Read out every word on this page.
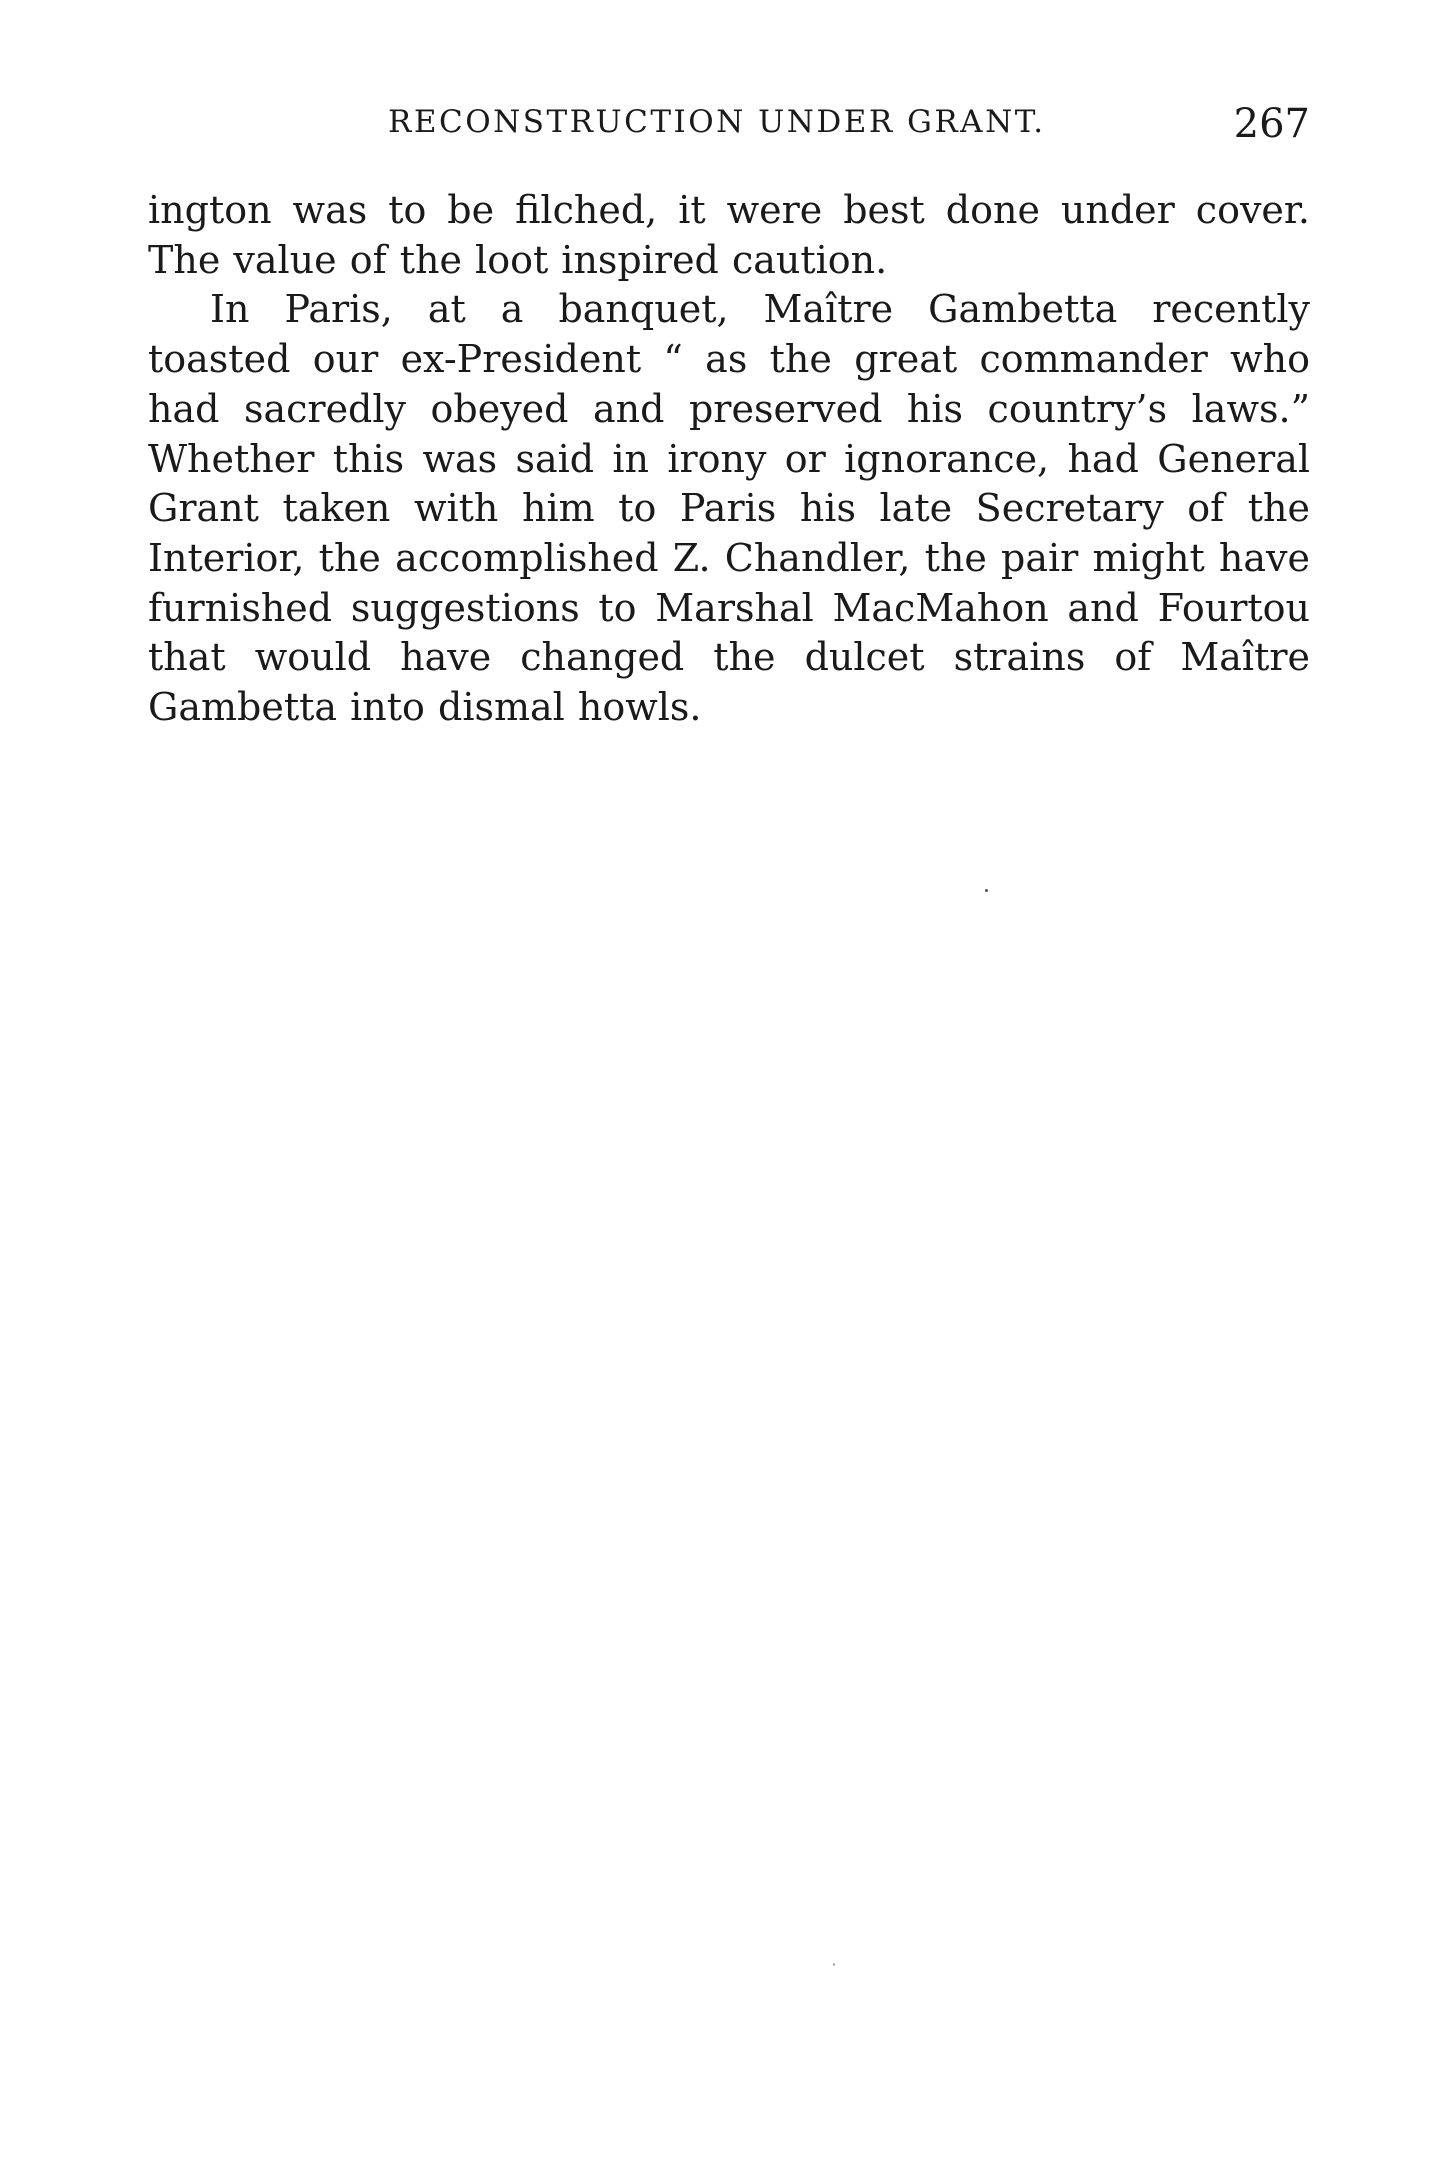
RECONSTRUCTION UNDER GRANT.	267

ington was to be filched, it were best done under cover. The value of the loot inspired caution.

In Paris, at a banquet, Maître Gambetta recently toasted our ex-President “ as the great commander who had sacredly obeyed and preserved his country’s laws.” Whether this was said in irony or ignorance, had General Grant taken with him to Paris his late Secretary of the Interior, the accomplished Z. Chandler, the pair might have furnished suggestions to Marshal MacMahon and Fourtou that would have changed the dulcet strains of Maître Gambetta into dismal howls.
